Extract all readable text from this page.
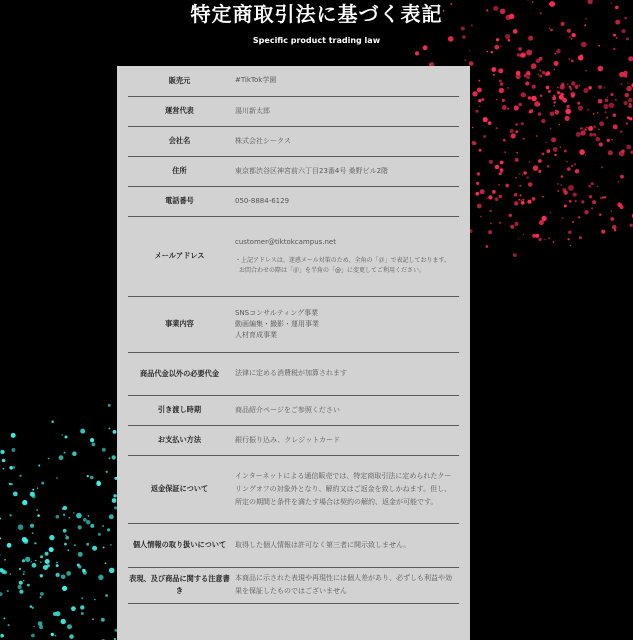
特定商取引法に基づく表記
Specific product trading law
販売元	#TikTok学園
運営代表	湯川新太郎
会社名	株式会社シークス
住所	東京都渋谷区神宮前六丁目23番4号 桑野ビル2階
電話番号	050-8884-6129
メールアドレス	customer@tiktokcampus.net
・上記アドレスは、迷惑メール対策のため、全角の「＠」で表記しております。
お問合わせの際は「＠」を半角の「@」に変更してご利用ください。

事業内容	SNSコンサルティング事業
動画編集・撮影・運用事業
人材育成事業

商品代金以外の必要代金	法律に定める消費税が加算されます
引き渡し時期	商品紹介ページをご参照ください
お支払い方法	銀行振り込み、クレジットカード
返金保証について	インターネットによる通信販売では、特定商取引法に定められたクーリングオフの対象外となり、解約又はご返金を致しかねます。但し、所定の期間と条件を満たす場合は契約の解約、返金が可能です。
個人情報の取り扱いについて	取得した個人情報は許可なく第三者に開示致しません。
表現、及び商品に関する注意書き	本商品に示された表現や再現性には個人差があり、必ずしも利益や効果を保証したものではございません
